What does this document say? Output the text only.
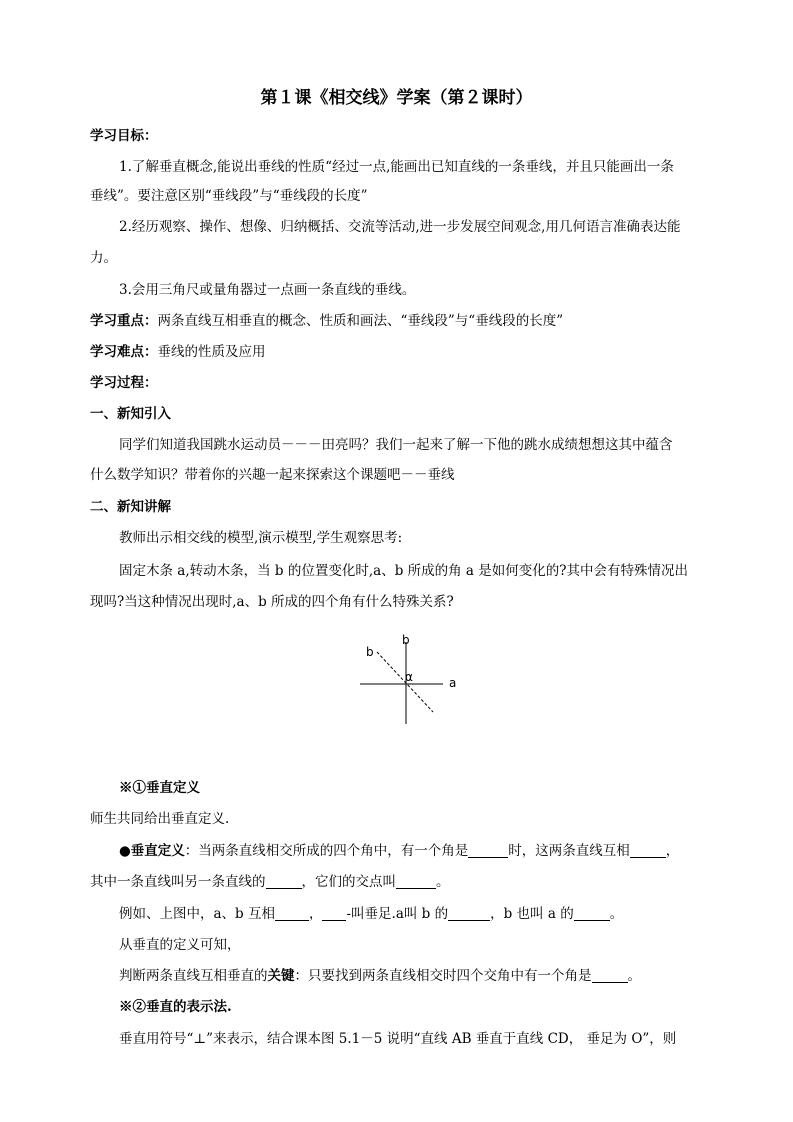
第１课《相交线》学案（第２课时）
学习目标：
1.了解垂直概念,能说出垂线的性质“经过一点,能画出已知直线的一条垂线，并且只能画出一条
垂线”。要注意区别“垂线段”与“垂线段的长度”
2.经历观察、操作、想像、归纳概括、交流等活动,进一步发展空间观念,用几何语言准确表达能
力。
3.会用三角尺或量角器过一点画一条直线的垂线。
学习重点：两条直线互相垂直的概念、性质和画法、“垂线段”与“垂线段的长度”
学习难点：垂线的性质及应用
学习过程：
一、新知引入
同学们知道我国跳水运动员－－－田亮吗？我们一起来了解一下他的跳水成绩想想这其中蕴含
什么数学知识？带着你的兴趣一起来探索这个课题吧－－垂线
二、新知讲解
教师出示相交线的模型,演示模型,学生观察思考:
固定木条 a,转动木条，当 b 的位置变化时,a、b 所成的角 a 是如何变化的?其中会有特殊情况出
现吗?当这种情况出现时,a、b 所成的四个角有什么特殊关系?
b
b
α	a
※①垂直定义
师生共同给出垂直定义.
●垂直定义：当两条直线相交所成的四个角中，有一个角是	时，这两条直线互相	，
其中一条直线叫另一条直线的	，它们的交点叫	。
例如、上图中，a、b 互相	， -叫垂足.a叫 b 的	，b 也叫 a 的	。
从垂直的定义可知，
判断两条直线互相垂直的关键：只要找到两条直线相交时四个交角中有一个角是	。
※②垂直的表示法.
垂直用符号“⊥”来表示，结合课本图 5.1－5 说明“直线 AB 垂直于直线 CD， 垂足为 O”，则
